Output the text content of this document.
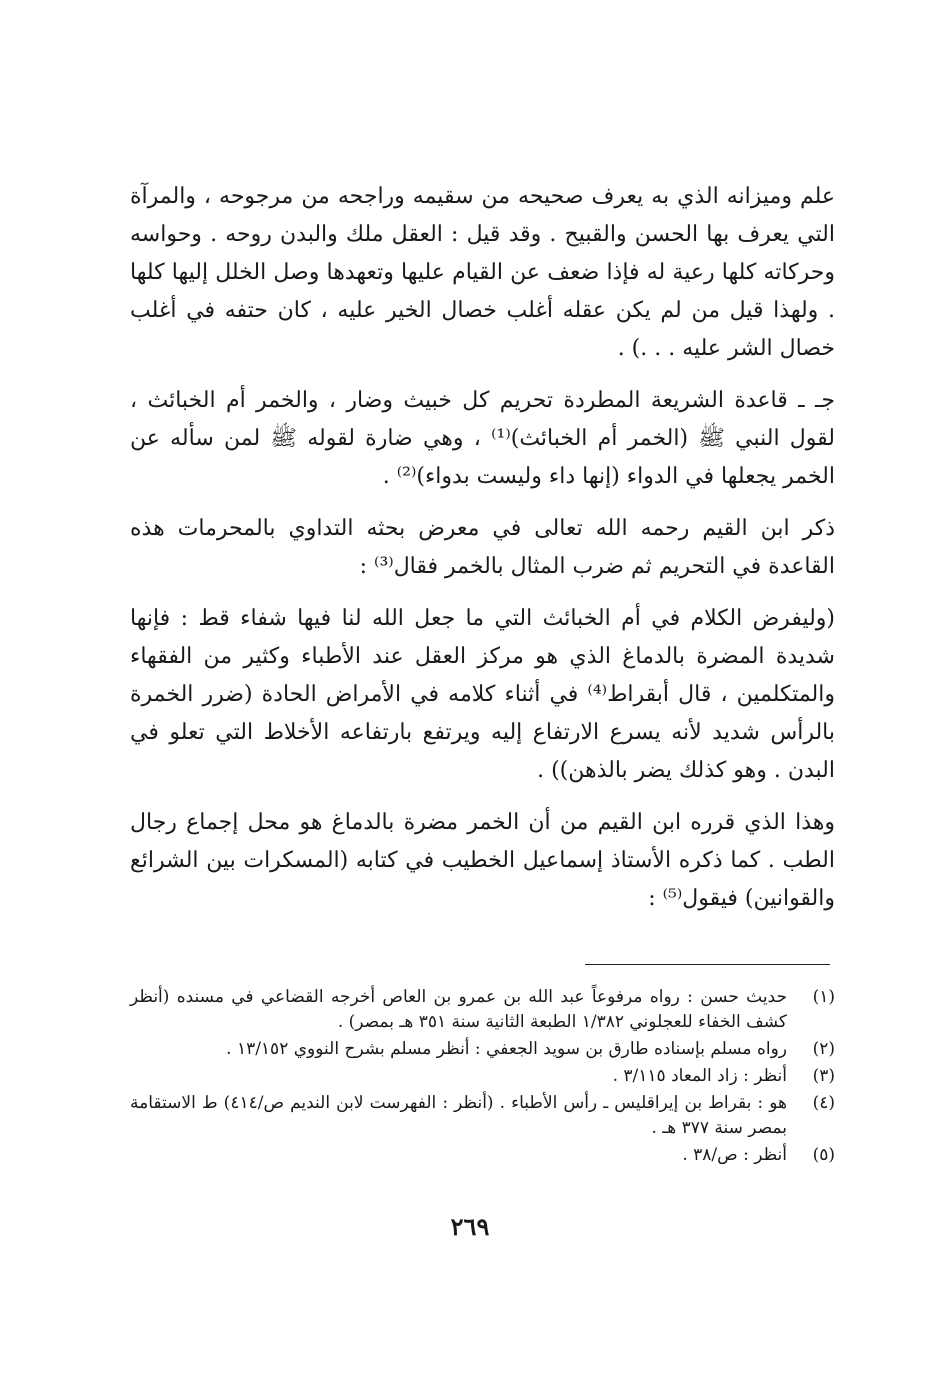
علم وميزانه الذي به يعرف صحيحه من سقيمه وراجحه من مرجوحه ، والمرآة التي يعرف بها الحسن والقبيح . وقد قيل : العقل ملك والبدن روحه . وحواسه وحركاته كلها رعية له فإذا ضعف عن القيام عليها وتعهدها وصل الخلل إليها كلها . ولهذا قيل من لم يكن عقله أغلب خصال الخير عليه ، كان حتفه في أغلب خصال الشر عليه . . .) .

جـ ـ قاعدة الشريعة المطردة تحريم كل خبيث وضار ، والخمر أم الخبائث ، لقول النبي ﷺ (الخمر أم الخبائث)⁽¹⁾ ، وهي ضارة لقوله ﷺ لمن سأله عن الخمر يجعلها في الدواء (إنها داء وليست بدواء)⁽²⁾ .

ذكر ابن القيم رحمه الله تعالى في معرض بحثه التداوي بالمحرمات هذه القاعدة في التحريم ثم ضرب المثال بالخمر فقال⁽³⁾ :

(وليفرض الكلام في أم الخبائث التي ما جعل الله لنا فيها شفاء قط : فإنها شديدة المضرة بالدماغ الذي هو مركز العقل عند الأطباء وكثير من الفقهاء والمتكلمين ، قال أبقراط⁽⁴⁾ في أثناء كلامه في الأمراض الحادة (ضرر الخمرة بالرأس شديد لأنه يسرع الارتفاع إليه ويرتفع بارتفاعه الأخلاط التي تعلو في البدن . وهو كذلك يضر بالذهن)) .

وهذا الذي قرره ابن القيم من أن الخمر مضرة بالدماغ هو محل إجماع رجال الطب . كما ذكره الأستاذ إسماعيل الخطيب في كتابه (المسكرات بين الشرائع والقوانين) فيقول⁽⁵⁾ :

(١)
حديث حسن : رواه مرفوعاً عبد الله بن عمرو بن العاص أخرجه القضاعي في مسنده (أنظر كشف الخفاء للعجلوني ١/٣٨٢ الطبعة الثانية سنة ٣٥١ هـ بمصر) .
(٢)
رواه مسلم بإسناده طارق بن سويد الجعفي : أنظر مسلم بشرح النووي ١٣/١٥٢ .
(٣)
أنظر : زاد المعاد ٣/١١٥ .
(٤)
هو : بقراط بن إيراقليس ـ رأس الأطباء . (أنظر : الفهرست لابن النديم ص/٤١٤) ط الاستقامة بمصر سنة ٣٧٧ هـ .
(٥)
أنظر : ص/٣٨ .
٢٦٩
